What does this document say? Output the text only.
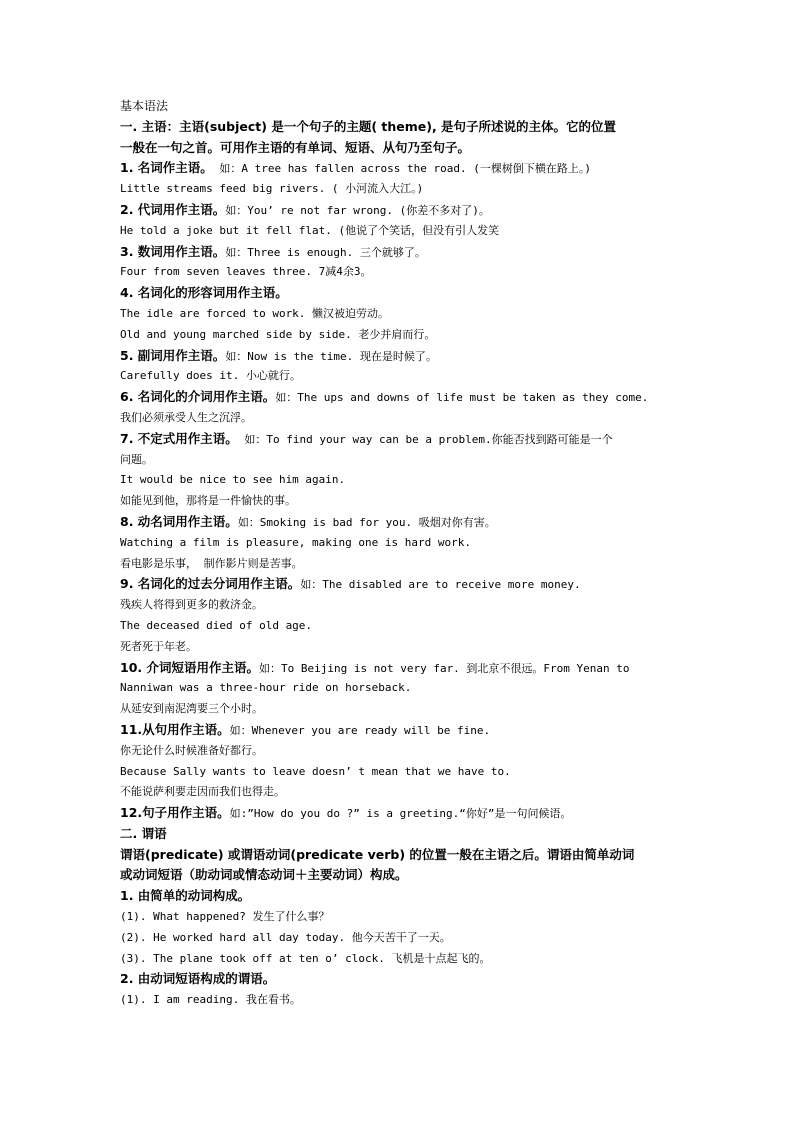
基本语法
一. 主语：主语(subject) 是一个句子的主题( theme), 是句子所述说的主体。它的位置
一般在一句之首。可用作主语的有单词、短语、从句乃至句子。
1. 名词作主语。 如：A tree has fallen across the road. (一棵树倒下横在路上。)
Little streams feed big rivers. ( 小河流入大江。)
2. 代词用作主语。如：You’ re not far wrong. (你差不多对了)。
He told a joke but it fell flat. (他说了个笑话，但没有引人发笑
3. 数词用作主语。如：Three is enough. 三个就够了。
Four from seven leaves three. 7减4余3。
4. 名词化的形容词用作主语。
The idle are forced to work. 懒汉被迫劳动。
Old and young marched side by side. 老少并肩而行。
5. 副词用作主语。如：Now is the time. 现在是时候了。
Carefully does it. 小心就行。
6. 名词化的介词用作主语。如：The ups and downs of life must be taken as they come.
我们必须承受人生之沉浮。
7. 不定式用作主语。 如：To find your way can be a problem.你能否找到路可能是一个
问题。
It would be nice to see him again.
如能见到他，那将是一件愉快的事。
8. 动名词用作主语。如：Smoking is bad for you. 吸烟对你有害。
Watching a film is pleasure, making one is hard work.
看电影是乐事， 制作影片则是苦事。
9. 名词化的过去分词用作主语。如：The disabled are to receive more money.
残疾人将得到更多的救济金。
The deceased died of old age.
死者死于年老。
10. 介词短语用作主语。如：To Beijing is not very far. 到北京不很远。From Yenan to
Nanniwan was a three-hour ride on horseback.
从延安到南泥湾要三个小时。
11.从句用作主语。如：Whenever you are ready will be fine.
你无论什么时候准备好都行。
Because Sally wants to leave doesn’ t mean that we have to.
不能说萨利要走因而我们也得走。
12.句子用作主语。如:”How do you do ?” is a greeting.“你好”是一句问候语。
二. 谓语
谓语(predicate) 或谓语动词(predicate verb) 的位置一般在主语之后。谓语由简单动词
或动词短语（助动词或情态动词＋主要动词）构成。
1. 由简单的动词构成。
(1). What happened? 发生了什么事？
(2). He worked hard all day today. 他今天苦干了一天。
(3). The plane took off at ten o’ clock. 飞机是十点起飞的。
2. 由动词短语构成的谓语。
(1). I am reading. 我在看书。
